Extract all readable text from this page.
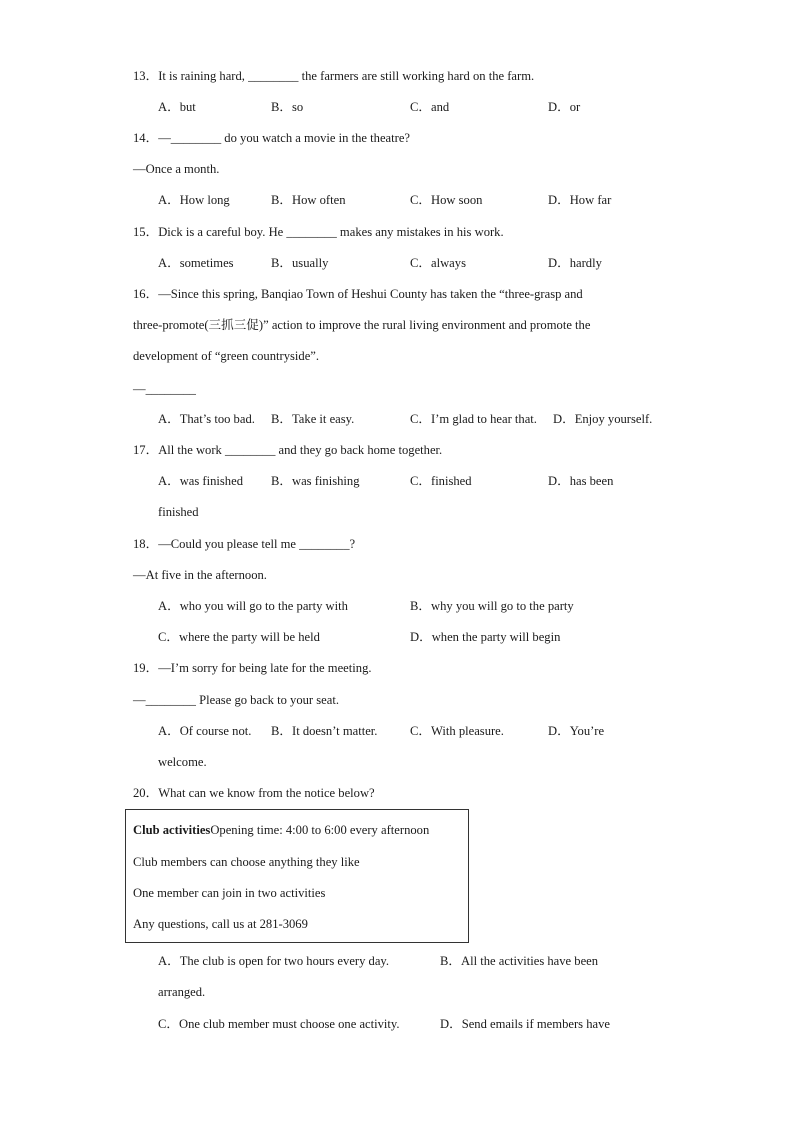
13．It is raining hard, ________ the farmers are still working hard on the farm.
A．but	B．so	C．and	D．or
14．—________ do you watch a movie in the theatre?
—Once a month.
A．How long	B．How often	C．How soon	D．How far
15．Dick is a careful boy. He ________ makes any mistakes in his work.
A．sometimes	B．usually	C．always	D．hardly
16．—Since this spring, Banqiao Town of Heshui County has taken the “three-grasp and
three-promote(三抓三促)” action to improve the rural living environment and promote the
development of “green countryside”.
—________
A．That’s too bad. B．Take it easy.	C．I’m glad to hear that. D．Enjoy yourself.
17．All the work ________ and they go back home together.
A．was finished B．was finishing	C．finished	D．has been
finished
18．—Could you please tell me ________?
—At five in the afternoon.
A．who you will go to the party with	B．why you will go to the party
C．where the party will be held	D．when the party will begin
19．—I’m sorry for being late for the meeting.
—________ Please go back to your seat.
A．Of course not. B．It doesn’t matter.	C．With pleasure.	D．You’re
welcome.
20．What can we know from the notice below?
Club activitiesOpening time: 4:00 to 6:00 every afternoon
Club members can choose anything they like
One member can join in two activities
Any questions, call us at 281-3069
A．The club is open for two hours every day.	B．All the activities have been
arranged.
C．One club member must choose one activity.	D．Send emails if members have
